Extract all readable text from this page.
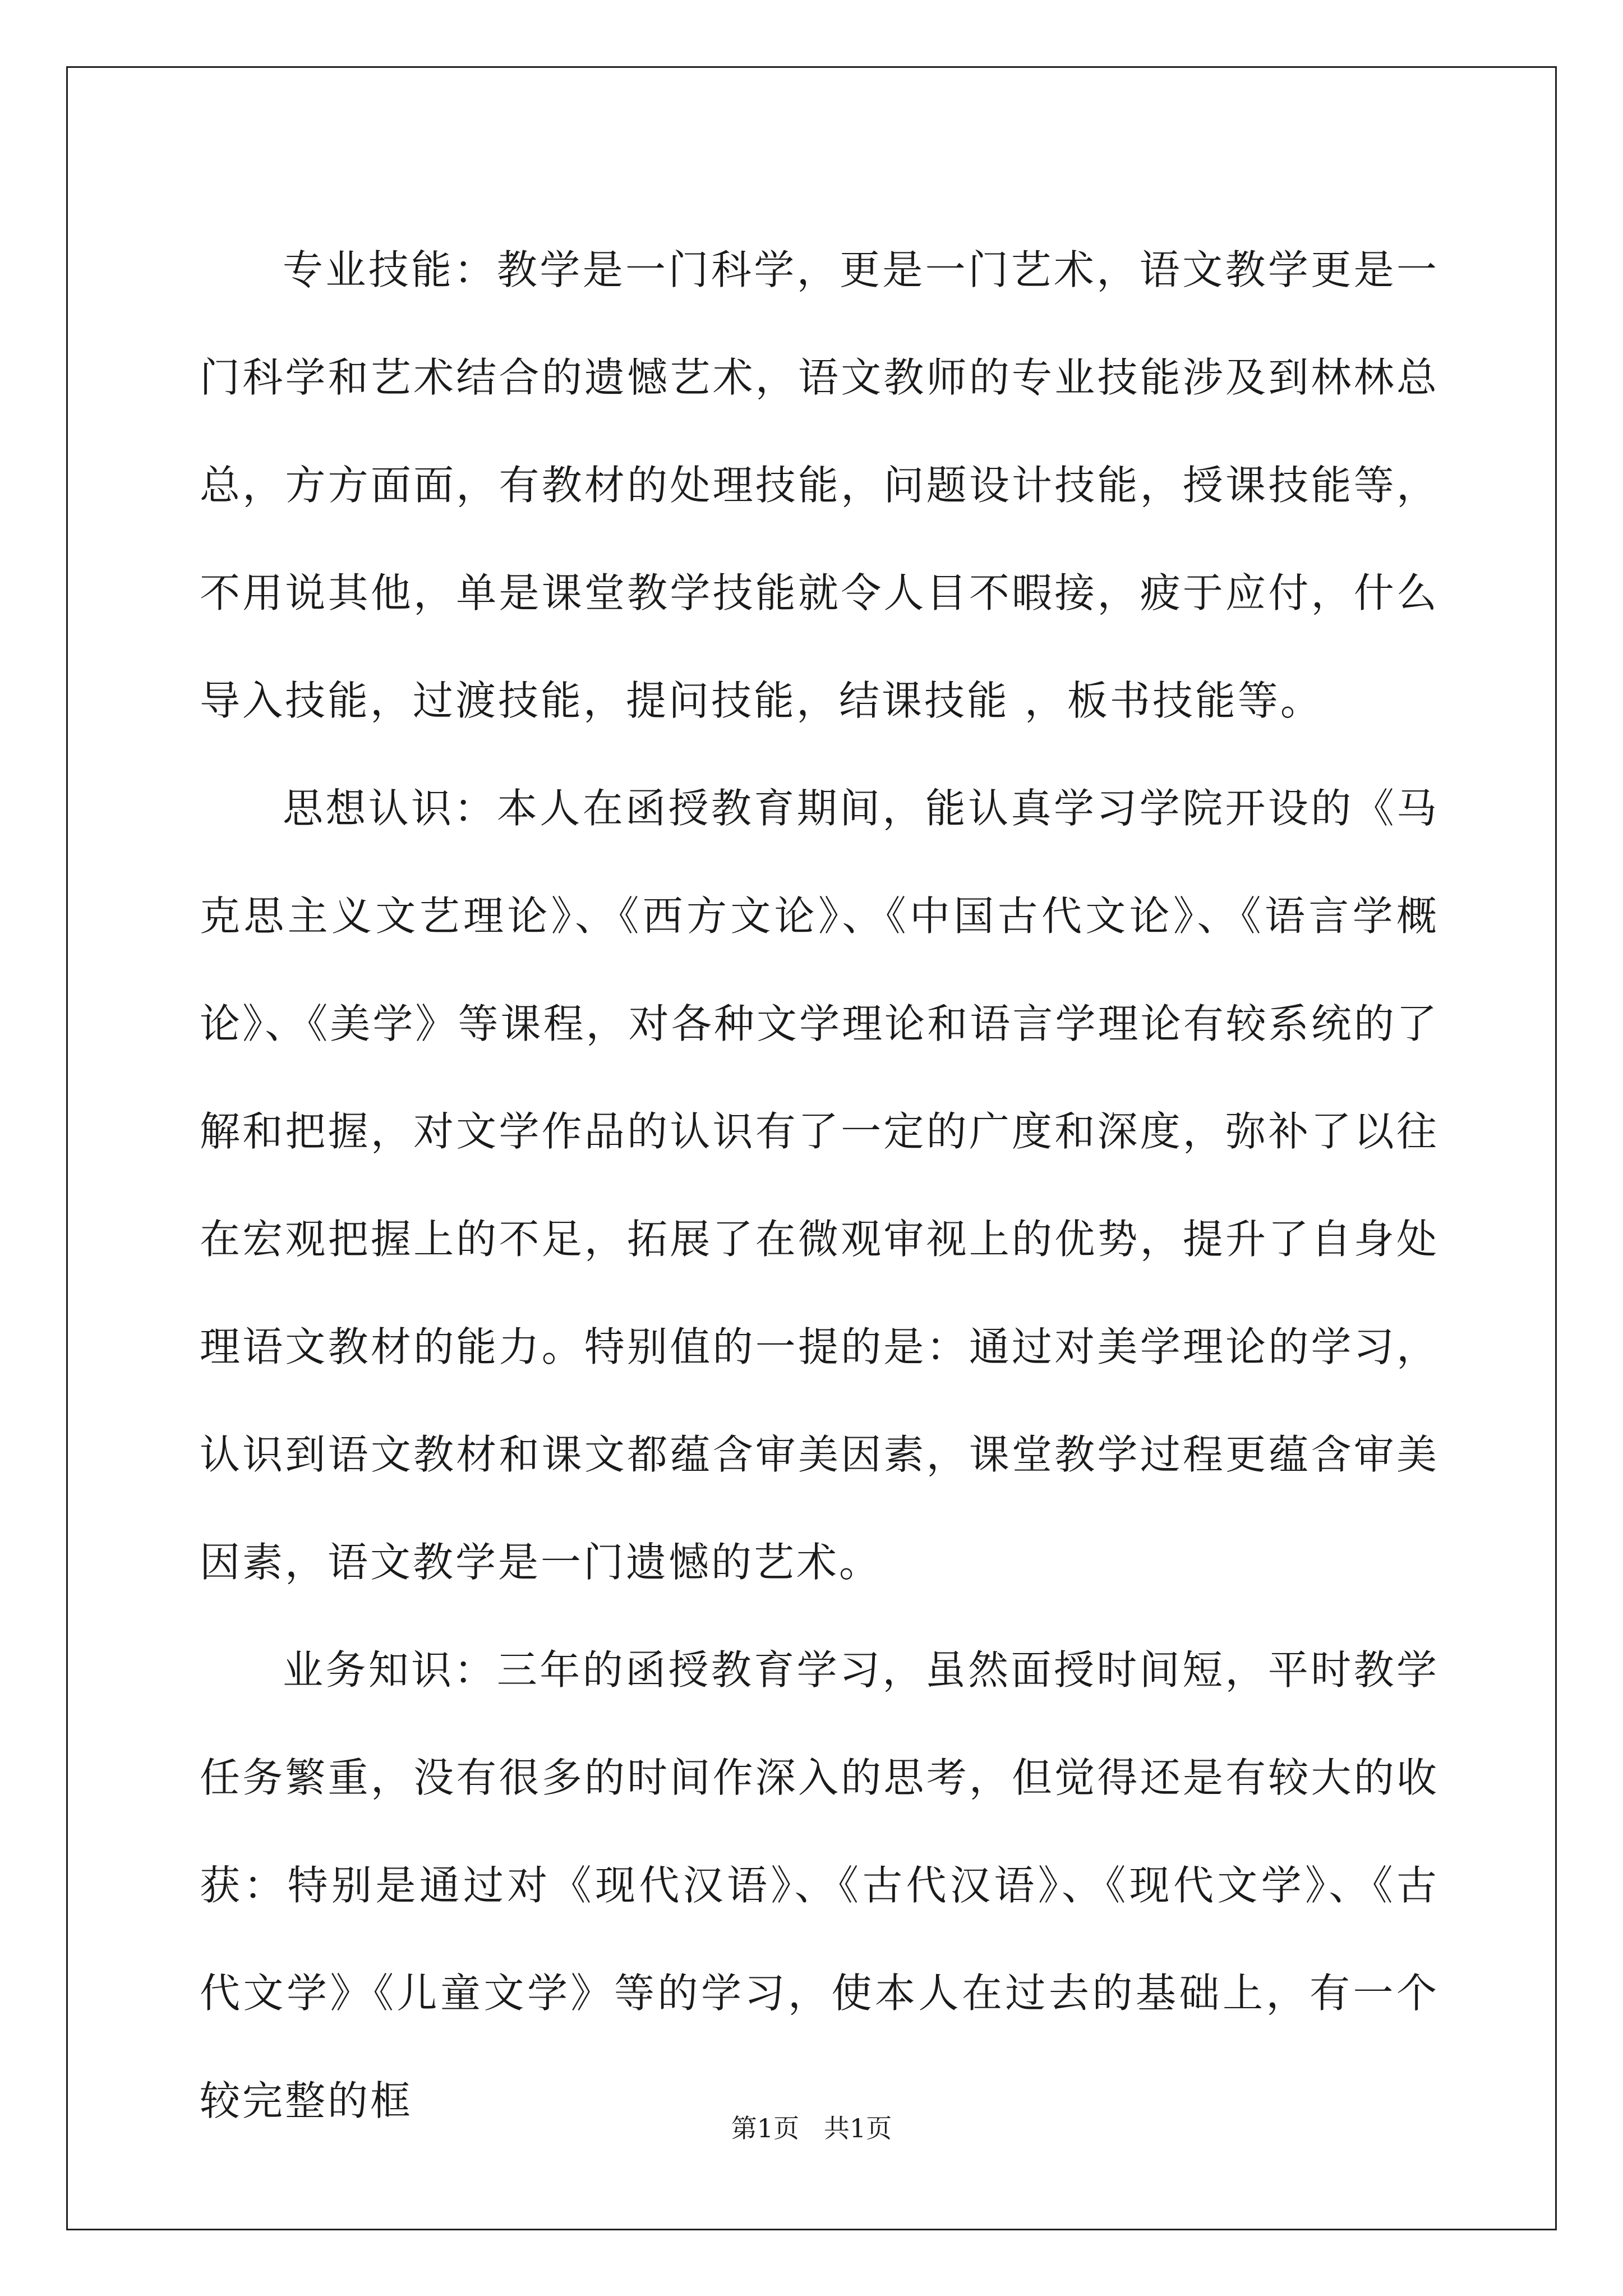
专业技能：教学是一门科学，更是一门艺术，语文教学更是一门科学和艺术结合的遗憾艺术，语文教师的专业技能涉及到林林总总，方方面面，有教材的处理技能，问题设计技能，授课技能等，不用说其他，单是课堂教学技能就令人目不暇接，疲于应付，什么导入技能，过渡技能，提问技能，结课技能 ，板书技能等。

思想认识：本人在函授教育期间，能认真学习学院开设的《马克思主义文艺理论》、《西方文论》、《中国古代文论》、《语言学概论》、《美学》等课程，对各种文学理论和语言学理论有较系统的了解和把握，对文学作品的认识有了一定的广度和深度，弥补了以往在宏观把握上的不足，拓展了在微观审视上的优势，提升了自身处理语文教材的能力。特别值的一提的是：通过对美学理论的学习，认识到语文教材和课文都蕴含审美因素，课堂教学过程更蕴含审美因素，语文教学是一门遗憾的艺术。

业务知识：三年的函授教育学习，虽然面授时间短，平时教学任务繁重，没有很多的时间作深入的思考，但觉得还是有较大的收获：特别是通过对《现代汉语》、《古代汉语》、《现代文学》、《古代文学》《儿童文学》等的学习，使本人在过去的基础上，有一个较完整的框

第1页   共1页
